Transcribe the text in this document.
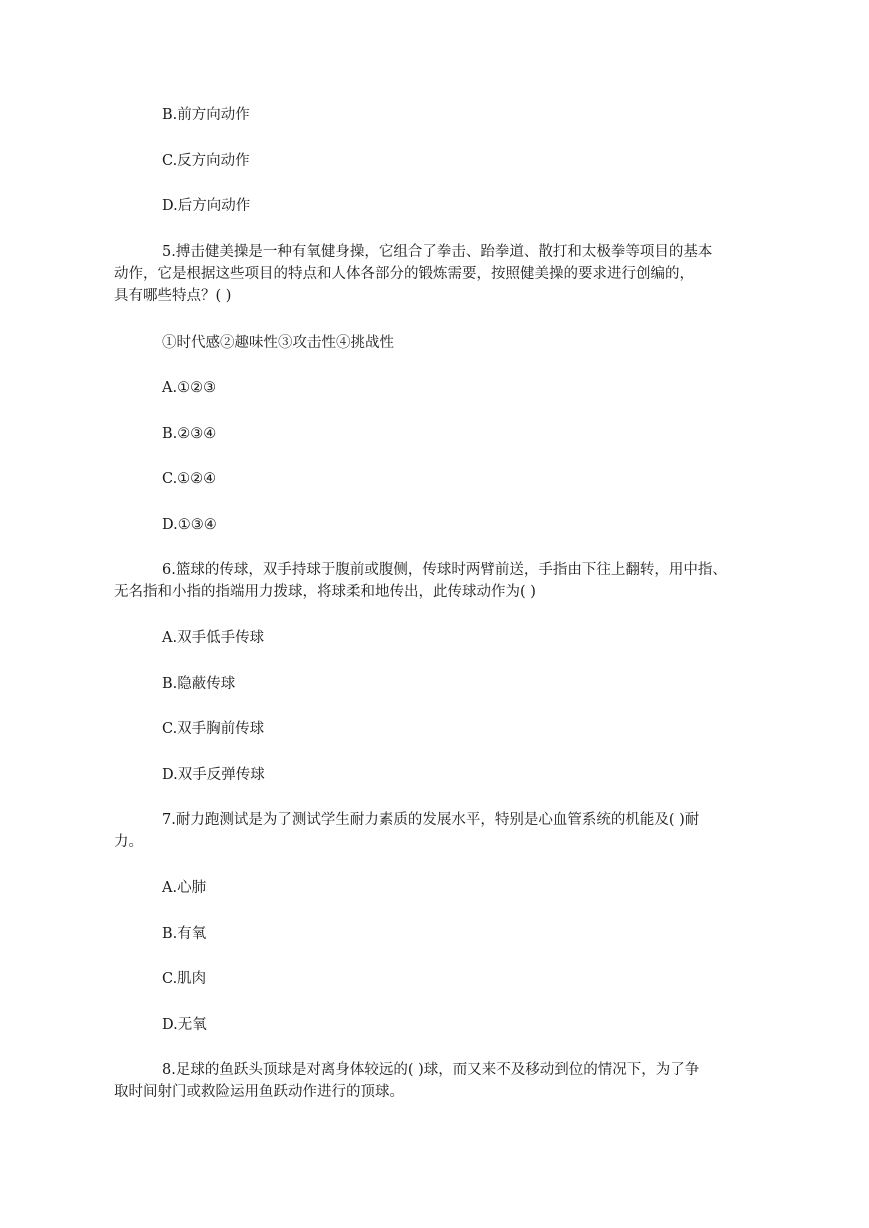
B.前方向动作
C.反方向动作
D.后方向动作
5.搏击健美操是一种有氧健身操，它组合了拳击、跆拳道、散打和太极拳等项目的基本
动作，它是根据这些项目的特点和人体各部分的锻炼需要，按照健美操的要求进行创编的，
具有哪些特点？( )
①时代感②趣味性③攻击性④挑战性
A.①②③
B.②③④
C.①②④
D.①③④
6.篮球的传球，双手持球于腹前或腹侧，传球时两臂前送，手指由下往上翻转，用中指、
无名指和小指的指端用力拨球，将球柔和地传出，此传球动作为( )
A.双手低手传球
B.隐蔽传球
C.双手胸前传球
D.双手反弹传球
7.耐力跑测试是为了测试学生耐力素质的发展水平，特别是心血管系统的机能及( )耐
力。
A.心肺
B.有氧
C.肌肉
D.无氧
8.足球的鱼跃头顶球是对离身体较远的( )球，而又来不及移动到位的情况下，为了争
取时间射门或救险运用鱼跃动作进行的顶球。
